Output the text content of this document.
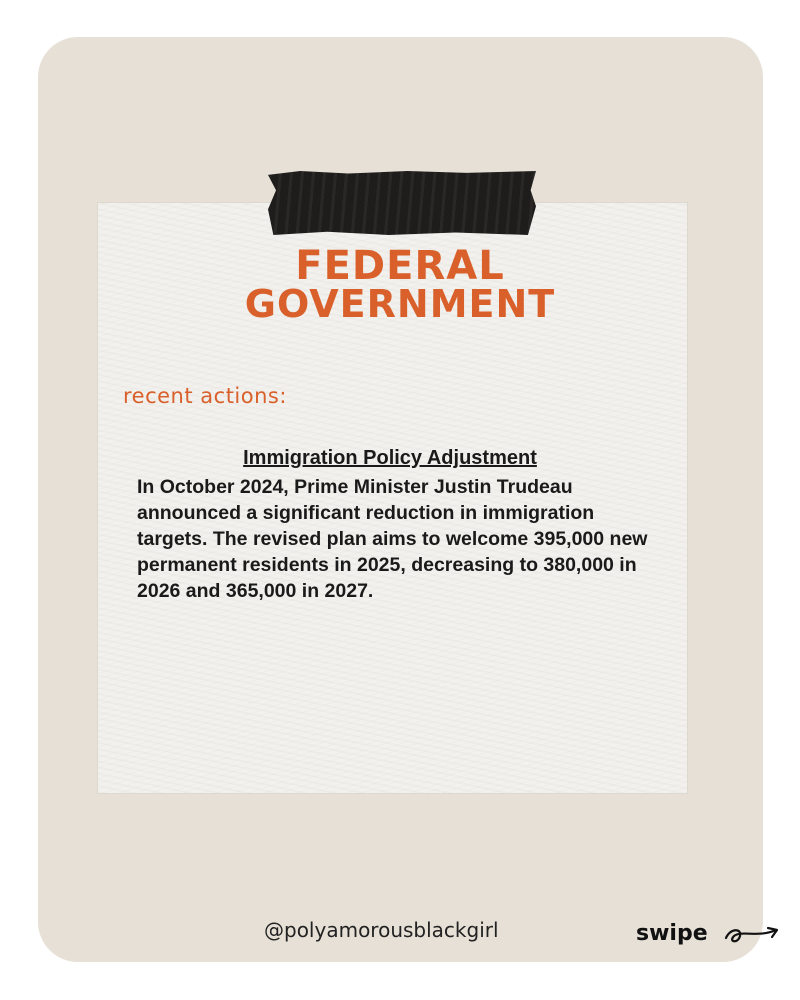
FEDERAL
GOVERNMENT
recent actions:
Immigration Policy Adjustment
In October 2024, Prime Minister Justin Trudeau announced a significant reduction in immigration targets. The revised plan aims to welcome 395,000 new permanent residents in 2025, decreasing to 380,000 in 2026 and 365,000 in 2027.
@polyamorousblackgirl	swipe
